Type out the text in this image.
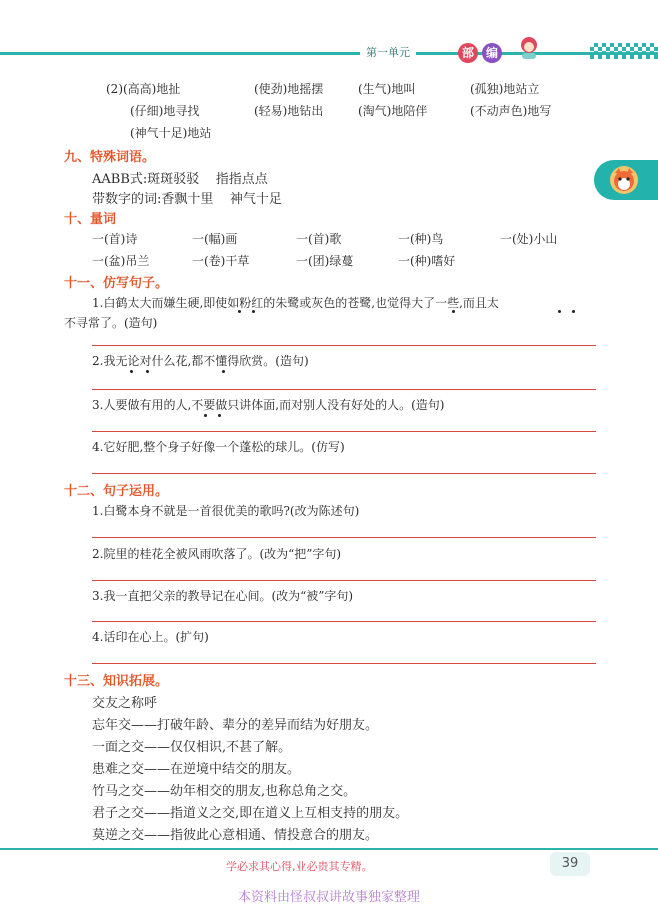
第一单元	部 编
(2)(高高)地扯	(使劲)地摇摆	(生气)地叫	(孤独)地站立
(仔细)地寻找	(轻易)地钻出	(淘气)地陪伴	(不动声色)地写
(神气十足)地站
九、特殊词语。
AABB式:斑斑驳驳    指指点点
带数字的词:香飘十里    神气十足
十、量词
一(首)诗	一(幅)画	一(首)歌	一(种)鸟	一(处)小山
一(盆)吊兰	一(卷)干草	一(团)绿蔓	一(种)嗜好
十一、仿写句子。
1.白鹤太大而嫌生硬,即使如粉红的朱鹭或灰色的苍鹭,也觉得大了一些,而且太
不寻常了。(造句)
2.我无论对什么花,都不懂得欣赏。(造句)
3.人要做有用的人,不要做只讲体面,而对别人没有好处的人。(造句)
4.它好肥,整个身子好像一个蓬松的球儿。(仿写)
十二、句子运用。
1.白鹭本身不就是一首很优美的歌吗?(改为陈述句)
2.院里的桂花全被风雨吹落了。(改为“把”字句)
3.我一直把父亲的教导记在心间。(改为“被”字句)
4.话印在心上。(扩句)
十三、知识拓展。
交友之称呼
忘年交——打破年龄、辈分的差异而结为好朋友。
一面之交——仅仅相识,不甚了解。
患难之交——在逆境中结交的朋友。
竹马之交——幼年相交的朋友,也称总角之交。
君子之交——指道义之交,即在道义上互相支持的朋友。
莫逆之交——指彼此心意相通、情投意合的朋友。
学必求其心得,业必贵其专精。	39
本资料由怪叔叔讲故事独家整理
